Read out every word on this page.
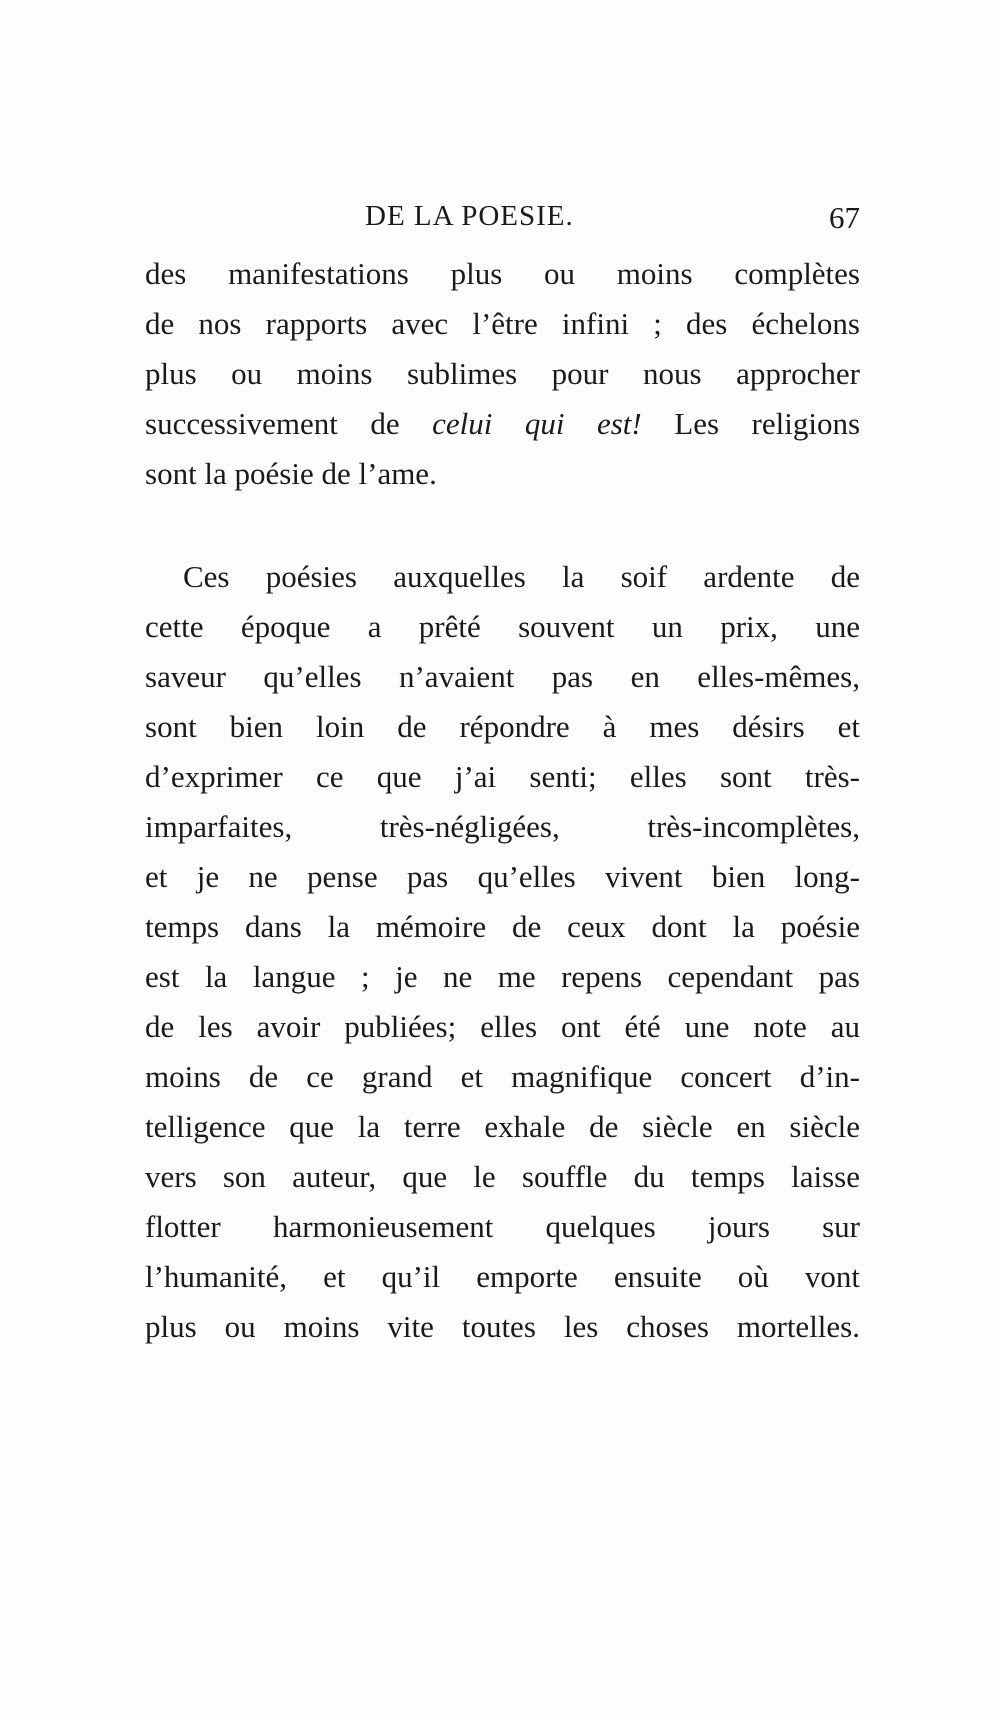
DE LA POESIE.	67
des manifestations plus ou moins complètes
de nos rapports avec l’être infini ; des échelons
plus ou moins sublimes pour nous approcher
successivement de celui qui est! Les religions
sont la poésie de l’ame.
Ces poésies auxquelles la soif ardente de
cette époque a prêté souvent un prix, une
saveur qu’elles n’avaient pas en elles-mêmes,
sont bien loin de répondre à mes désirs et
d’exprimer ce que j’ai senti; elles sont très-
imparfaites, très-négligées, très-incomplètes,
et je ne pense pas qu’elles vivent bien long-
temps dans la mémoire de ceux dont la poésie
est la langue ; je ne me repens cependant pas
de les avoir publiées; elles ont été une note au
moins de ce grand et magnifique concert d’in-
telligence que la terre exhale de siècle en siècle
vers son auteur, que le souffle du temps laisse
flotter harmonieusement quelques jours sur
l’humanité, et qu’il emporte ensuite où vont
plus ou moins vite toutes les choses mortelles.
